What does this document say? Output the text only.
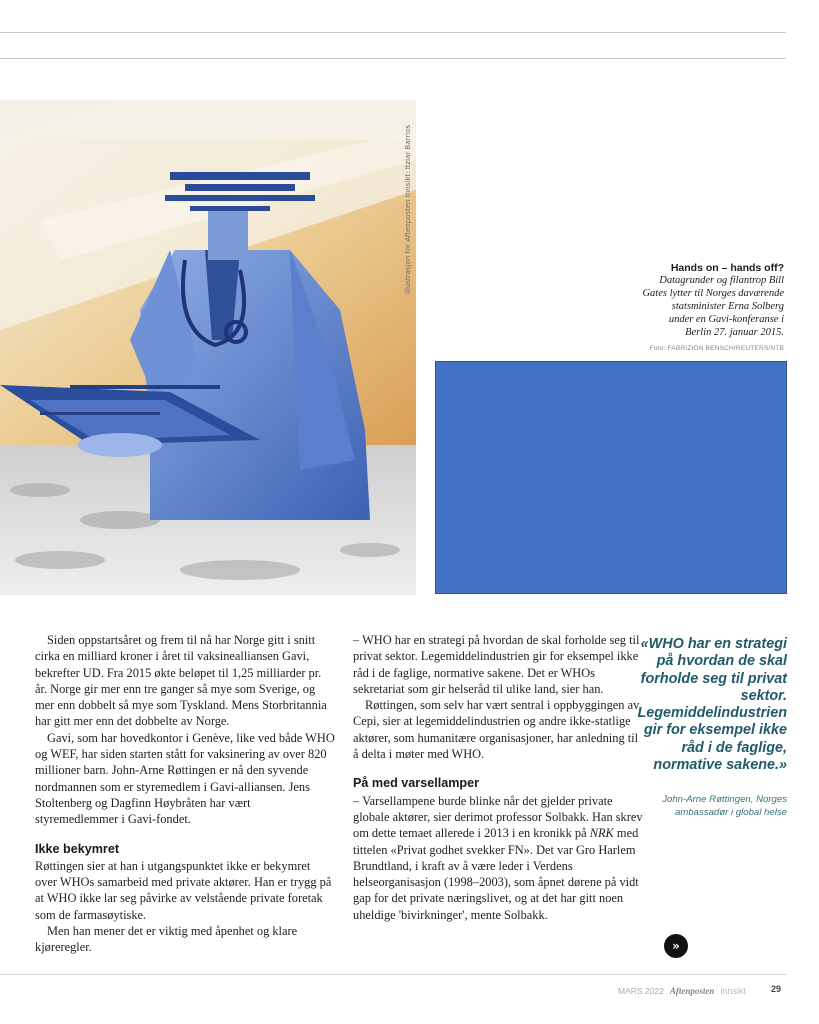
Illustrasjon for Aftenposten Innsikt: Itziar Barrios	Hands on – hands off?
Datagrunder og filantrop Bill
Gates lytter til Norges daværende
statsminister Erna Solberg
under en Gavi-konferanse i
Berlin 27. januar 2015.
Foto: FABRIZION BENSCH/REUTERS/NTB

Siden oppstartsåret og frem til nå har Norge gitt i snitt cirka en milliard kroner i året til vaksinealliansen Gavi, bekrefter UD. Fra 2015 økte beløpet til 1,25 milliarder pr. år. Norge gir mer enn tre ganger så mye som Sverige, og mer enn dobbelt så mye som Tyskland. Mens Storbritannia har gitt mer enn det dobbelte av Norge.

Gavi, som har hovedkontor i Genève, like ved både WHO og WEF, har siden starten stått for vaksinering av over 820 millioner barn. John-Arne Røttingen er nå den syvende nordmannen som er styremedlem i Gavi-alliansen. Jens Stoltenberg og Dagfinn Høybråten har vært styremedlemmer i Gavi-fondet.

Ikke bekymret

Røttingen sier at han i utgangspunktet ikke er bekymret over WHOs samarbeid med private aktører. Han er trygg på at WHO ikke lar seg påvirke av velstående private foretak som de farmasøytiske.

Men han mener det er viktig med åpenhet og klare kjøreregler.

– WHO har en strategi på hvordan de skal forholde seg til privat sektor. Legemiddelindustrien gir for eksempel ikke råd i de faglige, normative sakene. Det er WHOs sekretariat som gir helseråd til ulike land, sier han.

Røttingen, som selv har vært sentral i oppbyggingen av Cepi, sier at legemiddelindustrien og andre ikke-statlige aktører, som humanitære organisasjoner, har anledning til å delta i møter med WHO.

På med varsellamper

– Varsellampene burde blinke når det gjelder private globale aktører, sier derimot professor Solbakk. Han skrev om dette temaet allerede i 2013 i en kronikk på NRK med tittelen «Privat godhet svekker FN». Det var Gro Harlem Brundtland, i kraft av å være leder i Verdens helseorganisasjon (1998–2003), som åpnet dørene på vidt gap for det private næringslivet, og at det har gitt noen uheldige 'bivirkninger', mente Solbakk.

«WHO har en strategi på hvordan de skal forholde seg til privat sektor. Legemiddelindustrien gir for eksempel ikke råd i de faglige, normative sakene.»
John-Arne Røttingen, Norges
ambassadør i global helse
»
MARS 2022 Aftenposten innsikt	29
